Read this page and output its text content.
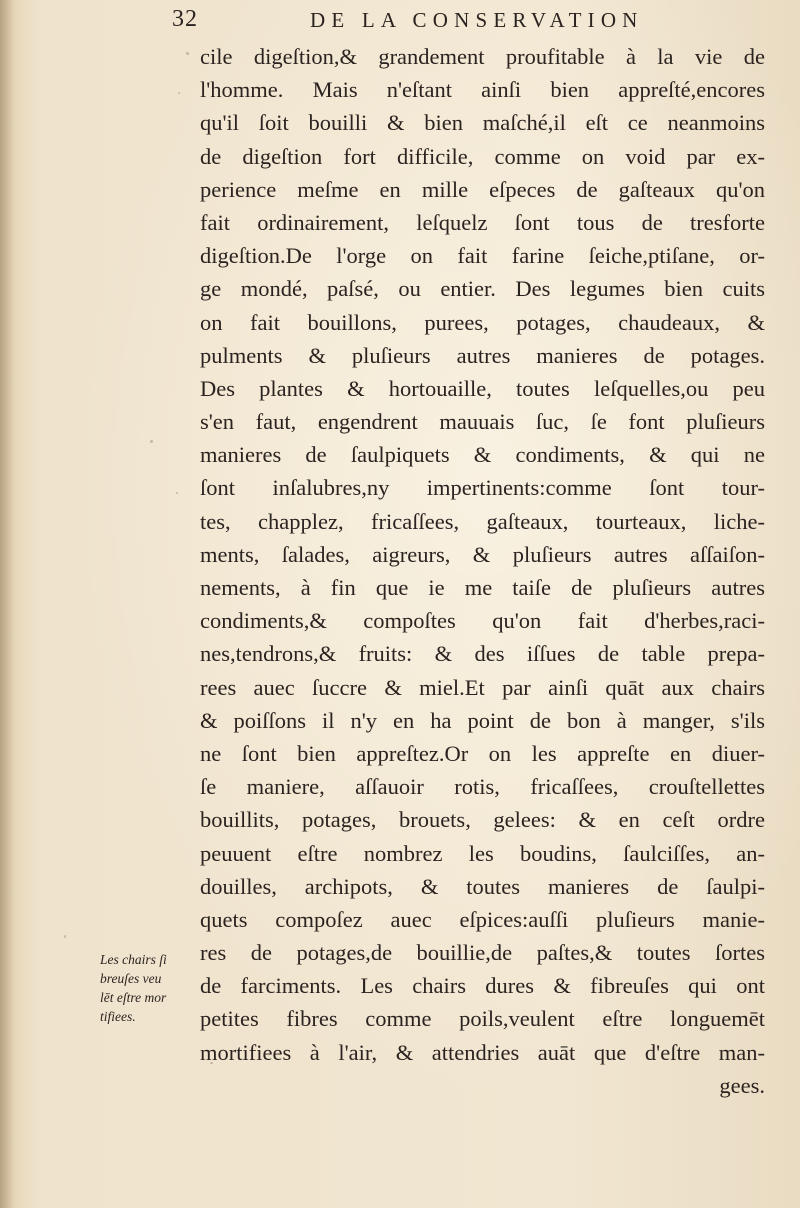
32	DE LA CONSERVATION
cile digeſtion,& grandement proufitable à la vie de
l'homme. Mais n'eſtant ainſi bien appreſté,encores
qu'il ſoit bouilli & bien maſché,il eſt ce neanmoins
de digeſtion fort difficile, comme on void par ex-
perience meſme en mille eſpeces de gaſteaux qu'on
fait ordinairement, leſquelz ſont tous de tresforte
digeſtion.De l'orge on fait farine ſeiche,ptiſane, or-
ge mondé, paſsé, ou entier. Des legumes bien cuits
on fait bouillons, purees, potages, chaudeaux, &
pulments & pluſieurs autres manieres de potages.
Des plantes & hortouaille, toutes leſquelles,ou peu
s'en faut, engendrent mauuais ſuc, ſe font pluſieurs
manieres de ſaulpiquets & condiments, & qui ne
ſont inſalubres,ny impertinents:comme ſont tour-
tes, chapplez, fricaſſees, gaſteaux, tourteaux, liche-
ments, ſalades, aigreurs, & pluſieurs autres aſſaiſon-
nements, à fin que ie me taiſe de pluſieurs autres
condiments,& compoſtes qu'on fait d'herbes,raci-
nes,tendrons,& fruits: & des iſſues de table prepa-
rees auec ſuccre & miel.Et par ainſi quāt aux chairs
& poiſſons il n'y en ha point de bon à manger, s'ils
ne ſont bien appreſtez.Or on les appreſte en diuer-
ſe maniere, aſſauoir rotis, fricaſſees, crouſtellettes
bouillits, potages, brouets, gelees: & en ceſt ordre
peuuent eſtre nombrez les boudins, ſaulciſſes, an-
douilles, archipots, & toutes manieres de ſaulpi-
quets compoſez auec eſpices:auſſi pluſieurs manie-
res de potages,de bouillie,de paſtes,& toutes ſortes
de farciments. Les chairs dures & fibreuſes qui ont
petites fibres comme poils,veulent eſtre longuemēt
mortifiees à l'air, & attendries auāt que d'eſtre man-
gees.
Les chairs ſi
breuſes veu
lēt eſtre mor
tifiees.
